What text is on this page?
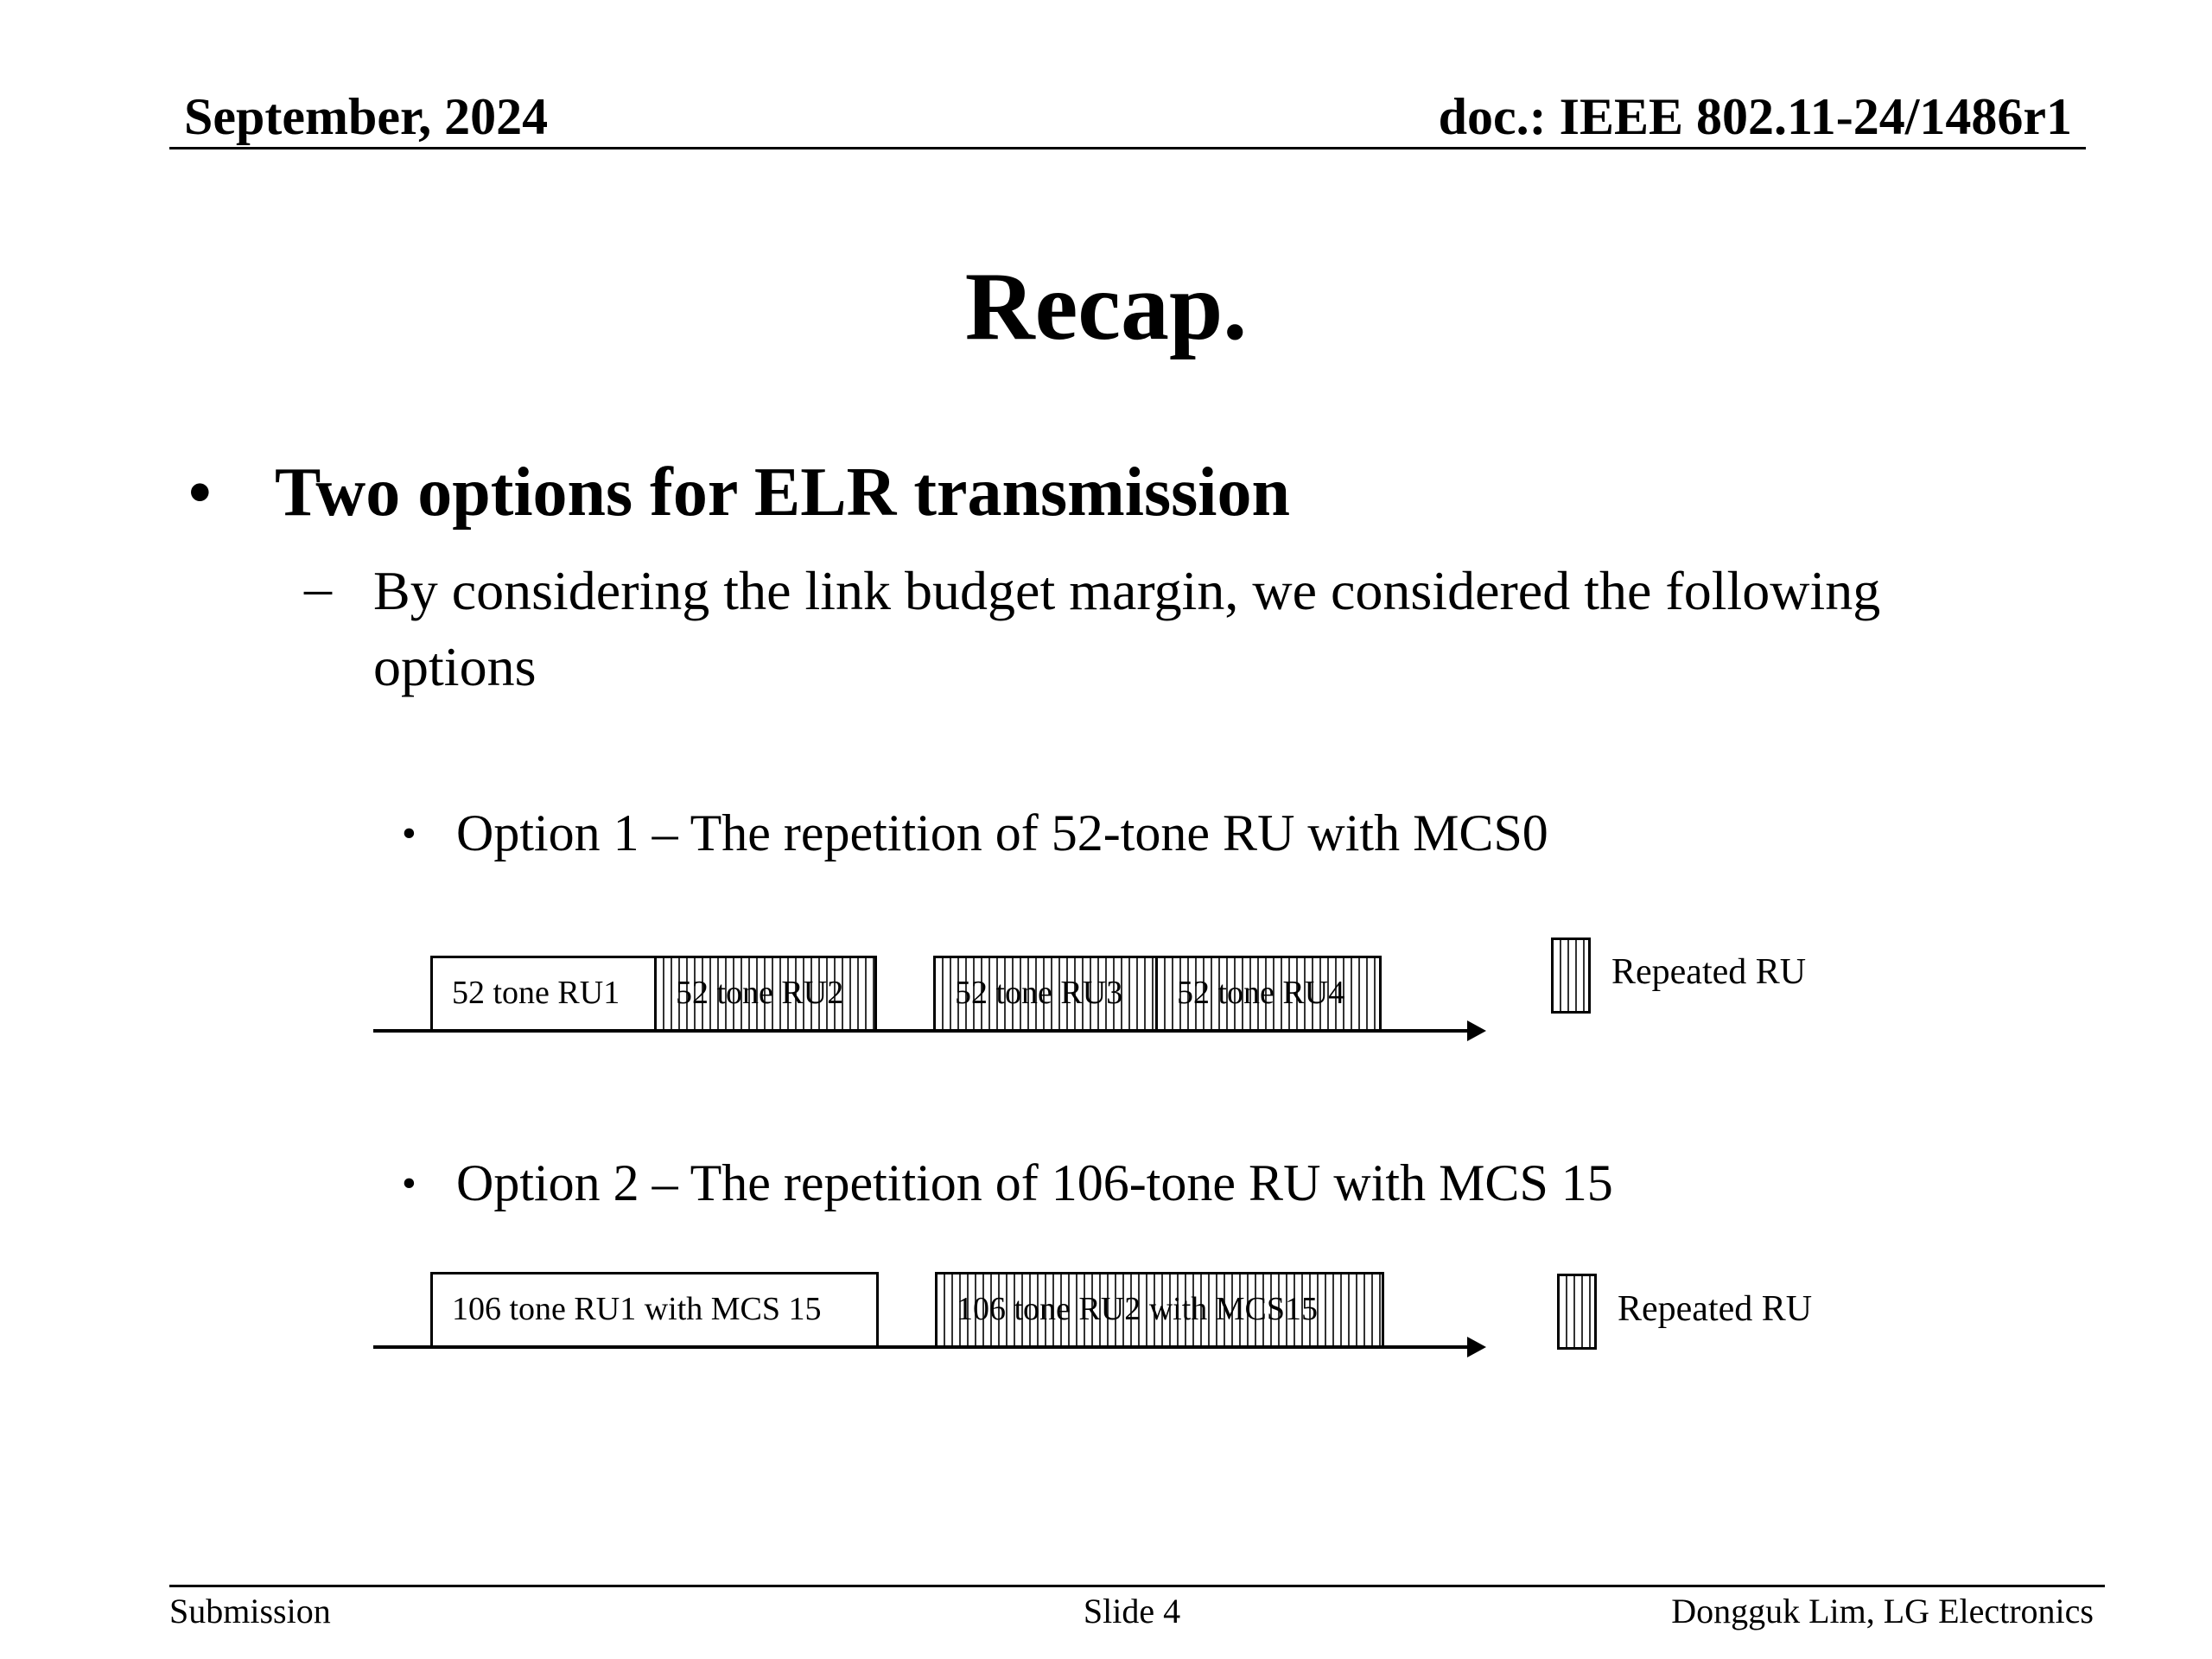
September, 2024	doc.: IEEE 802.11-24/1486r1
Recap.
• Two options for ELR transmission
– By considering the link budget margin, we considered the following options
• Option 1 – The repetition of 52-tone RU with MCS0
52 tone RU1	52 tone RU2	52 tone RU3	52 tone RU4
Repeated RU
• Option 2 – The repetition of 106-tone RU with MCS 15
106 tone RU1 with MCS 15	106 tone RU2 with MCS15	Repeated RU
Submission	Slide 4	Dongguk Lim, LG Electronics
